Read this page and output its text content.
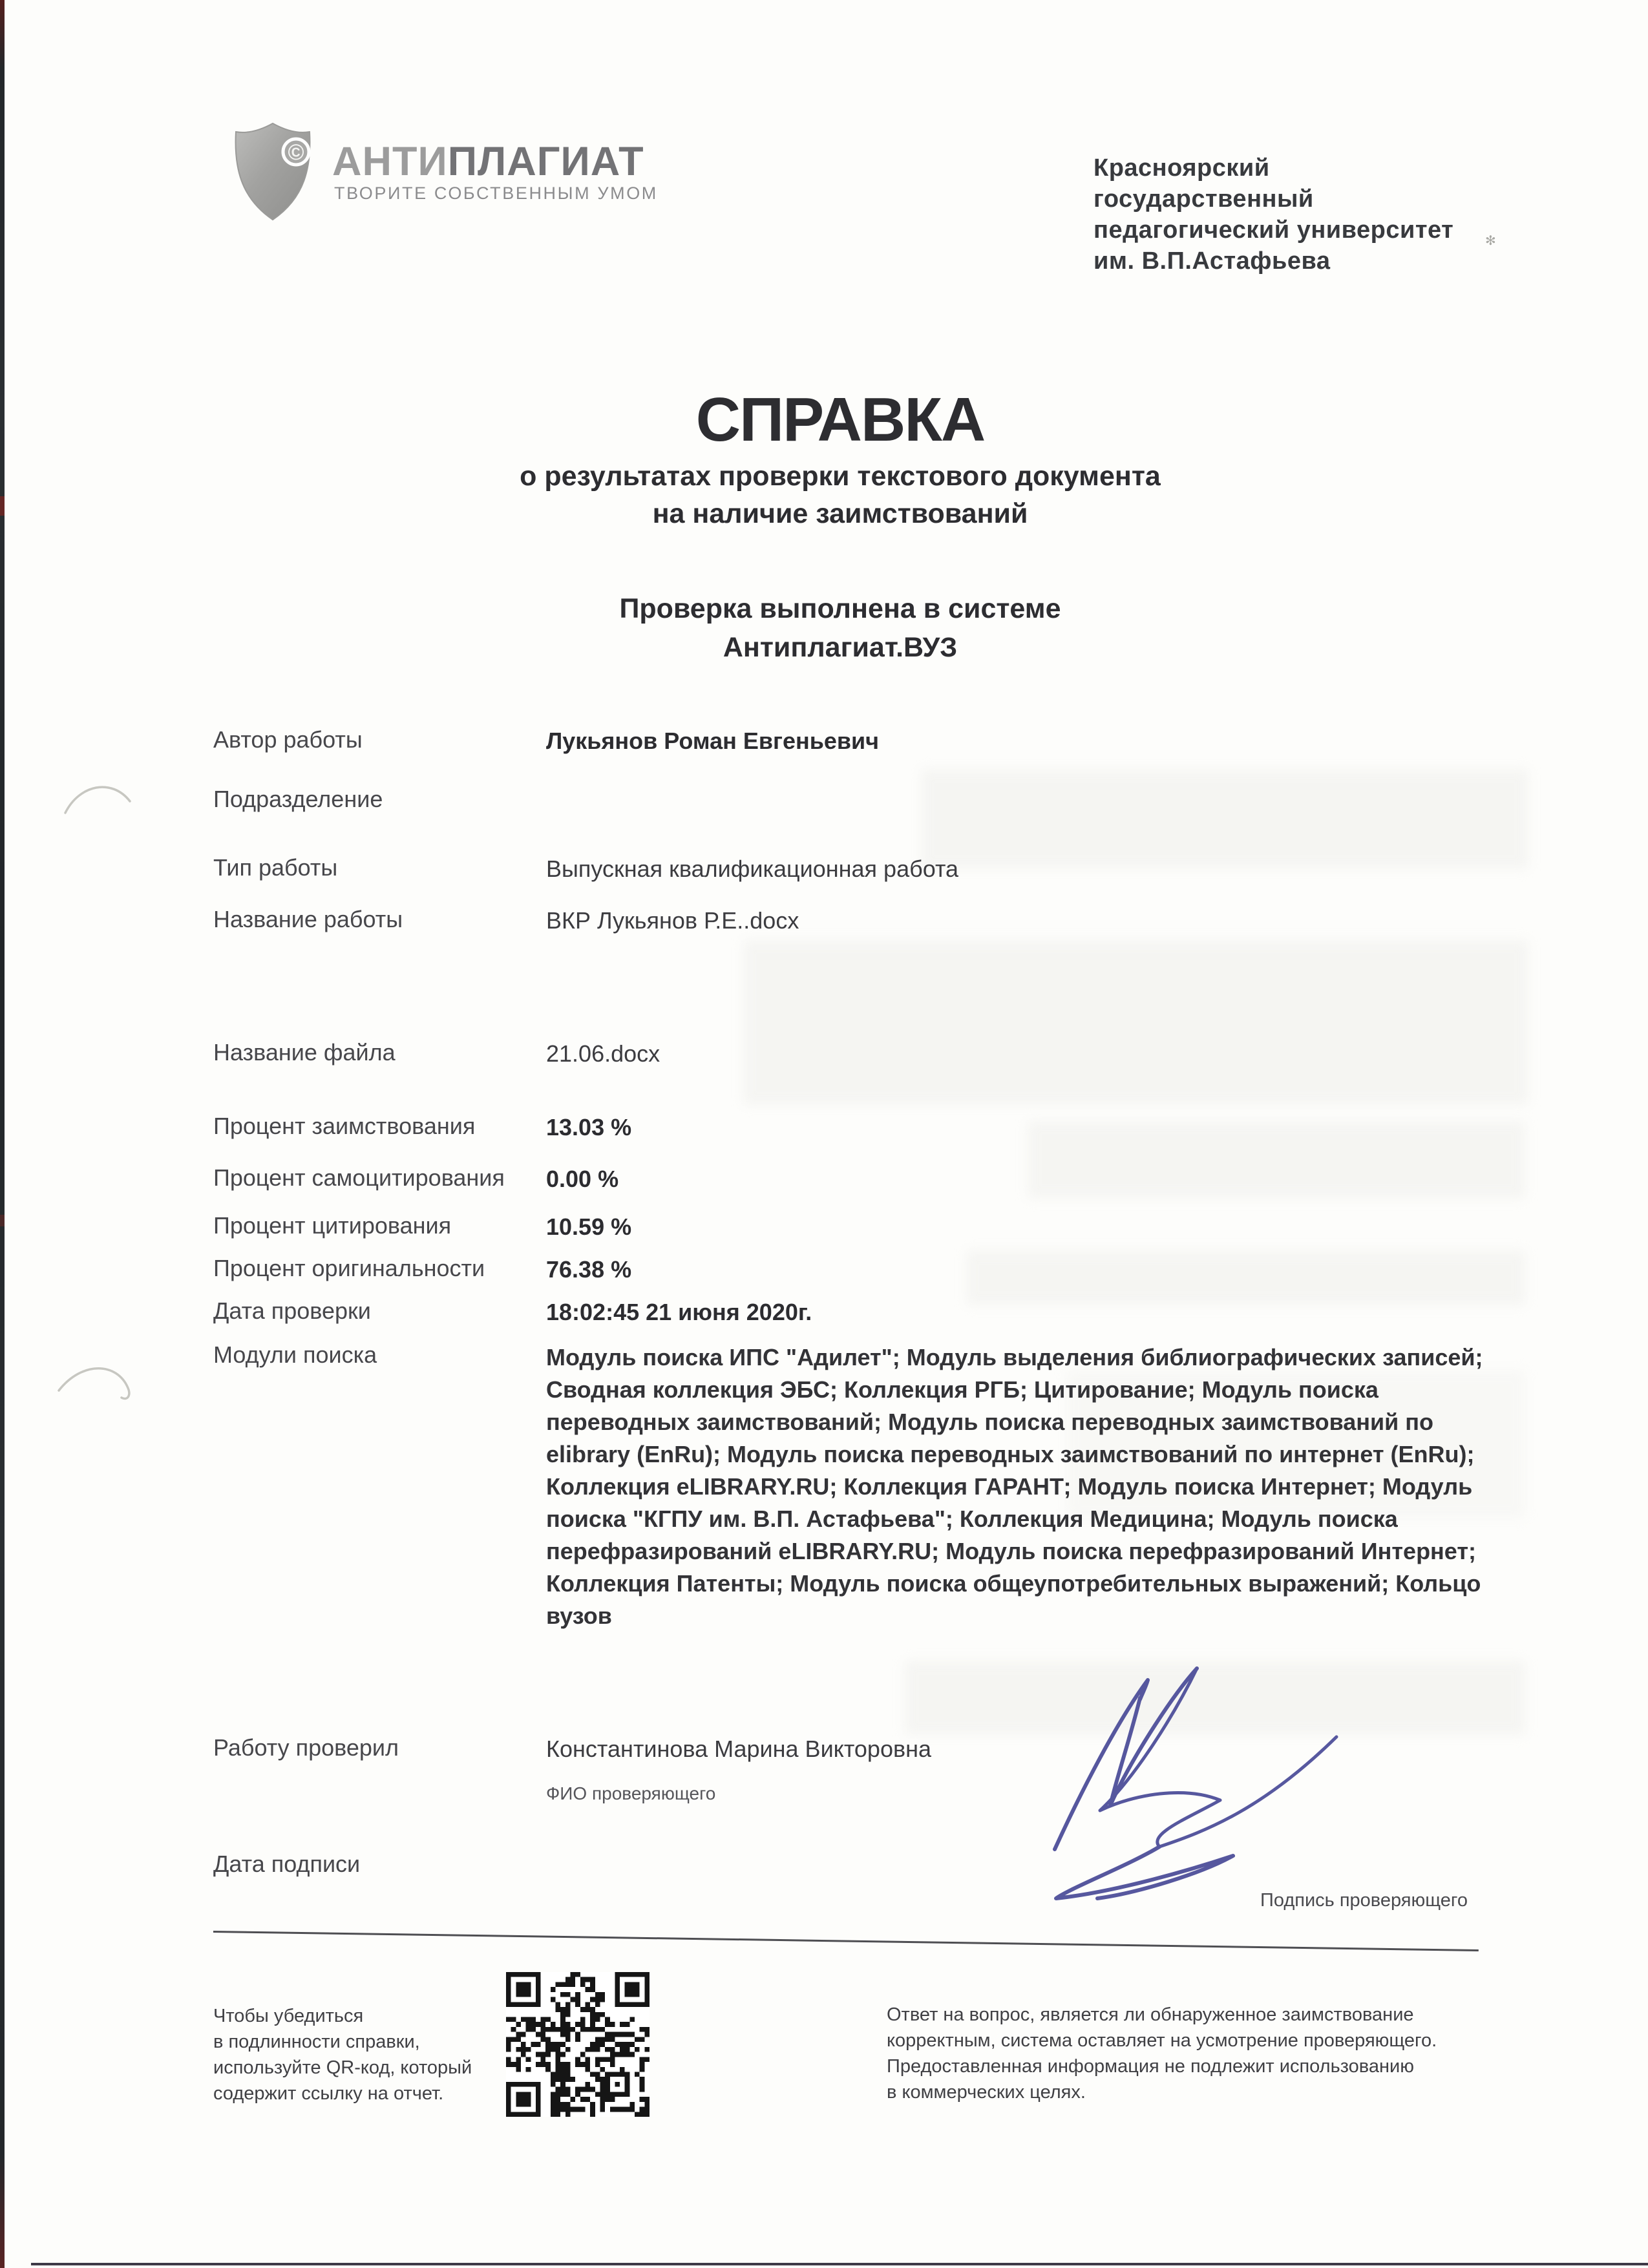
✻
© АНТИПЛАГИАТ
ТВОРИТЕ СОБСТВЕННЫМ УМОМ
Красноярский
государственный
педагогический университет
им. В.П.Астафьева
СПРАВКА
о результатах проверки текстового документа
на наличие заимствований
Проверка выполнена в системе
Антиплагиат.ВУЗ
Автор работы	Лукьянов Роман Евгеньевич
Подразделение
Тип работы	Выпускная квалификационная работа
Название работы	ВКР Лукьянов Р.Е..docx
Название файла	21.06.docx
Процент заимствования	13.03 %
Процент самоцитирования 0.00 %
Процент цитирования	10.59 %
Процент оригинальности	76.38 %
Дата проверки	18:02:45 21 июня 2020г.
Модули поиска	Модуль поиска ИПС "Адилет"; Модуль выделения библиографических записей; Сводная коллекция ЭБС; Коллекция РГБ; Цитирование; Модуль поиска переводных заимствований; Модуль поиска переводных заимствований по elibrary (EnRu); Модуль поиска переводных заимствований по интернет (EnRu); Коллекция eLIBRARY.RU; Коллекция ГАРАНТ; Модуль поиска Интернет; Модуль поиска "КГПУ им. В.П. Астафьева"; Коллекция Медицина; Модуль поиска перефразирований eLIBRARY.RU; Модуль поиска перефразирований Интернет; Коллекция Патенты; Модуль поиска общеупотребительных выражений; Кольцо вузов
Работу проверил	Константинова Марина Викторовна
ФИО проверяющего
Дата подписи
Подпись проверяющего
Чтобы убедиться
в подлинности справки,
используйте QR-код, который
содержит ссылку на отчет.
Ответ на вопрос, является ли обнаруженное заимствование
корректным, система оставляет на усмотрение проверяющего.
Предоставленная информация не подлежит использованию
в коммерческих целях.
